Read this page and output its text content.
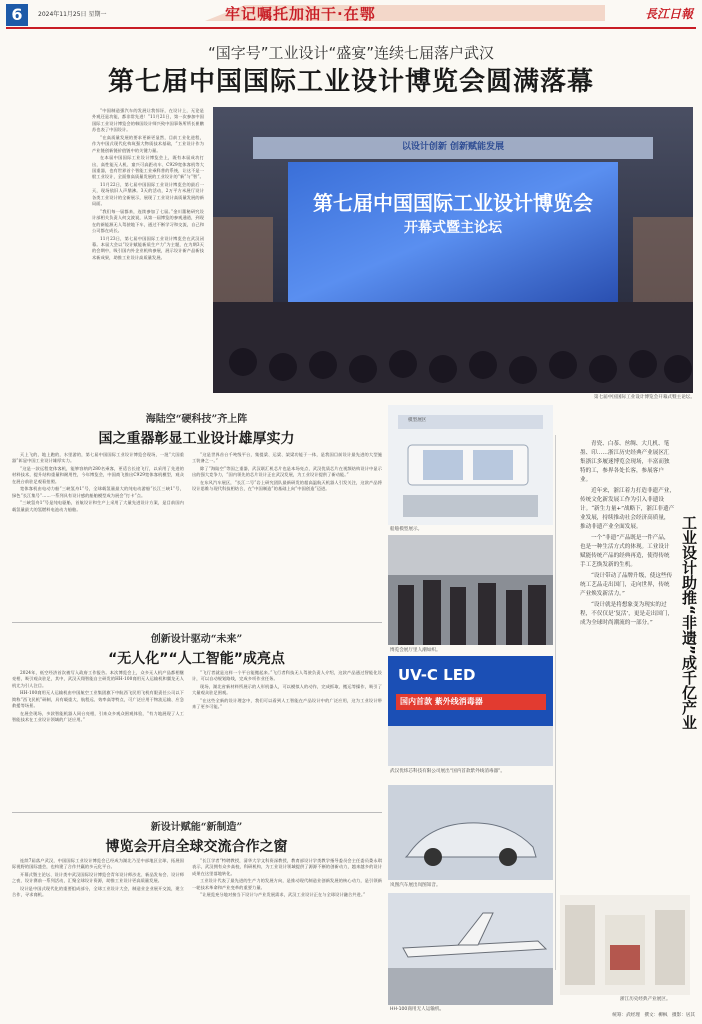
6	2024年11月25日 星期一	牢记嘱托加油干·在鄂	長江日報
“国字号”工业设计“盛宴”连续七届落户武汉
第七届中国国际工业设计博览会圆满落幕

“中国制造强汽车的发展让我惊讶，在设计上，无论是外观还是功能，都非常先进！”11月21日，第一次参加中国国际工业设计博览会的韩国设计师兴致中国事务所所长崔鹏苏也表了中国设计。

“在高质量发展的要求更新更显然，目前工业化进程，作为中国式现代化构筑强大物质技术基础，“工业设计作为产业链创新链价值链中的关键力量。

在本届中国国际工业设计博览会上，既有本届成功打出，高性能无人机、童兴可高距动车、C929宽体客机等大国重器，也有世界首个智能工业乘科普的系统，让这不是一般工业设计，全面推高质量发展的工业设计的“新”与“智”。

11月22日，第七届中国国际工业设计博览会的最后一天，现场依旧人声鼎沸。3天的活动，2万平方米展厅设计各类工业设计的全新展示，展现了工业设计高质量发展的新局面。

“我们每一届都来，连续参加了七届。”金川董秘研究设计部相关负责人何文波说，从第一届博览的参观通道，到现在的新能源无人驾驶地下车，通过不断学习和交流，自己和公司都在成长。

11月23日，第七届中国国际工业设计博览会在武汉闭幕。本届大会以“设计赋能新质生产力”为主题，在为期3天的会期中，吸引国内外企业机构参展，展示设计新产品新技术新成果，助推工业设计高质量发展。

以设计创新 创新赋能发展
第七届中国国际工业设计博览会
开幕式暨主论坛
第七届中国国际工业设计博览会开幕式暨主论坛。
海陆空“硬科技”齐上阵
国之重器彰显工业设计雄厚实力

天上飞的，地上跑的，水里游的，第七届中国国际工业设计博览会现场，一批“大国重器”彰显中国工业设计雄厚实力。

“这是一款远程宽体客机，能够容纳约280名乘客，更适合长途飞行，以采用了先进的材料技术，提升结构重量和耐用性，今年博览会，中国商飞推出C929宽体客机模型，观众在展台前驻足观看拍照。

宽体客机由电动力船“三峡氢舟1”号，全球载氢量最大的纯电动游船“长江三峡1”号，绿色“长江集号”……一系列具有设计感的船舶模型成为展会“打卡”点。

“三峡氢舟1”号是纯电驱船，首航设计和生产上采用了大量先进设计方案，是目前国内载氢量最大的氢燃料电池动力船舶。

“这是世界首台千吨级平台，集提梁、运梁、架梁功能于一体，是我国目前设计最先进的大型施工装备之一。”

除了“海陆空”等国之重器，武汉联汇机芯片也是本场亮点，武汉优质芯片在视频结构设计中显示出的强大竞争力，“国内领先的芯片设计正在武汉发展，为工业设计提供了新动能。”

在东风汽车展区，“长江二号”岩上研究团队最新研发的超高温航天机器人引发关注，这款产品将设计思维与现代科技相结合，在“中国制造”的基础上向“中国创造”迈进。

创新设计驱动“未来”
“无人化”“人工智能”成亮点

2024年，低空经济首次被写入政府工作报告。本次博览会上，众多无人机产品都相继亮相，吸引观众驻足，其中，武汉天翔智能自主研发的HH-100商用无人运输机和翼龙无人机尤为引人注目。

HH-100商用无人运输机由中国航空工业集团旗下中航西飞民用飞机有限责任公司以下简称“西飞民机”研制，具有载重大、航程远、效率高等特点，可广泛应用于物流运输、应急救援等场景。

在展会现场，多款智能机器人同台亮相，引来众多观众围观体验，“有力地展现了人工智能技术在工业设计领域的广泛应用。”

“飞行者就是这样一个平台能搬起来。”飞行者科技无人驾驶负责人介绍，这款产品通过智能化设计，可以自动规划路线，完成多项作业任务。

现场，湖北省新材料所展示的人形机器人，可以模拟人的动作，完成抓取、搬运等操作，吸引了大量观众驻足围观。

“在这些全新的设计理念中，我们可以看到人工智能在产品设计中的广泛应用，这为工业设计带来了更多可能。”

新设计赋能“新制造”
博览会开启全球交流合作之窗

连续7届落户武汉，中国国际工业设计博览会已经成为湖北乃至中部地区全球，拓展国际视野的国际盛会，也构建了合作共赢的多元化平台。

开幕式暨主论坛、设计类中武汉国际设计博览会青年设计师沙龙、新品发布会、设计师之夜、设计赛前一系列活动，汇聚全球设计资源，助推工业设计更高质量发展。

设计是中国式现代化的重要组成部分，全球工业设计大会，制造业企业展开交流，建立合作，寻求商机。

“长江学者”特聘教授，清华大学文科资深教授，教育部设计学类教学指导委员会主任委员娄永琪表示，武汉拥有众多高校，科研机构，为工业设计领域提供了源源不断的创新动力，越来越多的设计成果在这里落地转化。

工业设计代表了最先进的生产力的发展方向，是推动现代制造业创新发展的核心动力，是引领新一轮技术革命和产业变革的重要力量。

“让展览充分地对接当下设计与产业发展需求，武汉工业设计正在与全球设计融合共进。”

模型展区
船舶模型展示。
博览会展厅里人潮如织。
UV-C LED
国内首款 紫外线消毒器
武汉优炜芯科技有限公司展出“国内首款紫外线消毒器”。
岚图汽车展出岚图知音。
HH-100商用无人运输机。

青瓷、白茶、丝绸、大几机、笔墨、印……浙江历史经典产业展区汇集浙江多履迷博览会现场，丰富而独特的工，参界各处长客，参展客户业。

近年来，浙江着力打造非遗产业，传统文化新发展工作为引入非遗设计。“新生力量+”战略下，浙江非遗产业发展，持续推动社会经济高质量，推动非遗产业全面发展。

一个“非遗”产品既是一件产品，也是一种生活方式的体现。工业设计赋能传统产品的经典再造，使得传统手工艺焕发新的生机。

“设计带动了品牌升级，使这些传统工艺品走出国门，走向世界，传统产业焕发新活力。”

“设计就是将想象变为现实的过程，不仅仅是‘复活’，更是走出国门，成为全球时尚潮流的一部分。”	工业设计助推“非遗”成千亿产业
浙江历史经典产业展区。
统筹：武经理　撰文：柳枫　摄影：居其
